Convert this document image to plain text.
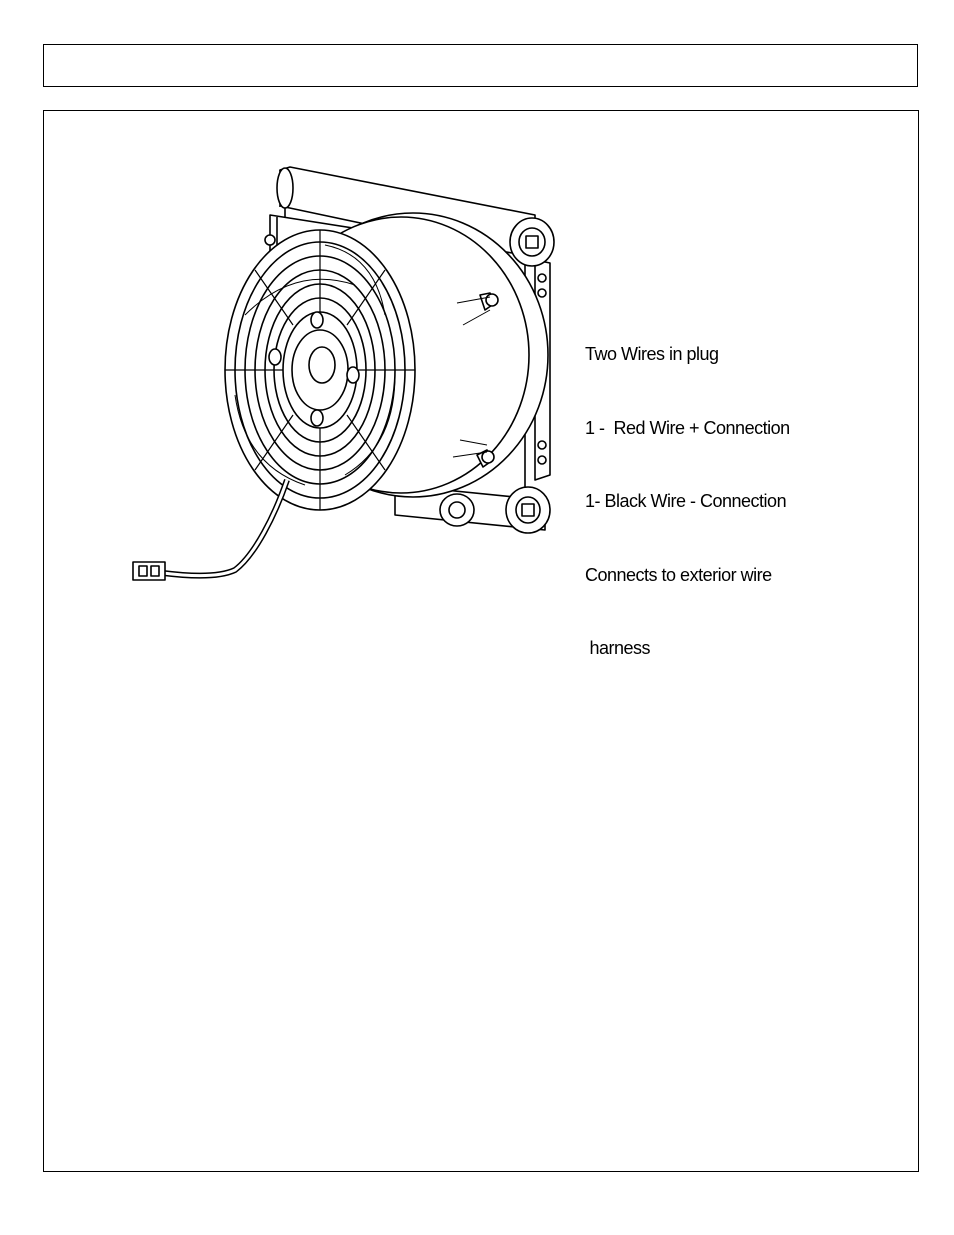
Two Wires in plug

1 -  Red Wire + Connection

1- Black Wire - Connection

Connects to exterior wire

harness
